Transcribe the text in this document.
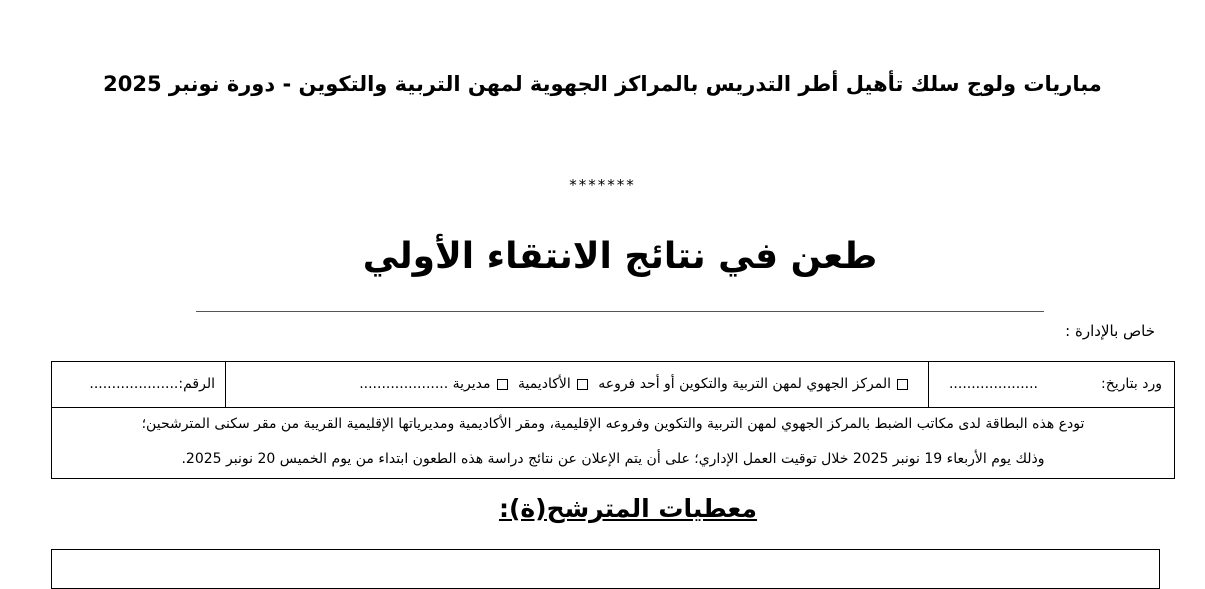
مباريات ولوج سلك تأهيل أطر التدريس بالمراكز الجهوية لمهن التربية والتكوين - دورة نونبر 2025
*******
طعن في نتائج الانتقاء الأولي
خاص بالإدارة :
ورد بتاريخ:
....................
المركز الجهوي لمهن التربية والتكوين أو أحد فروعه الأكاديمية مديرية ....................
الرقم:....................
تودع هذه البطاقة لدى مكاتب الضبط بالمركز الجهوي لمهن التربية والتكوين وفروعه الإقليمية، ومقر الأكاديمية ومديرياتها الإقليمية القريبة من مقر سكنى المترشحين؛
وذلك يوم الأربعاء 19 نونبر 2025 خلال توقيت العمل الإداري؛ على أن يتم الإعلان عن نتائج دراسة هذه الطعون ابتداء من يوم الخميس 20 نونبر 2025.
معطيات المترشح(ة):
